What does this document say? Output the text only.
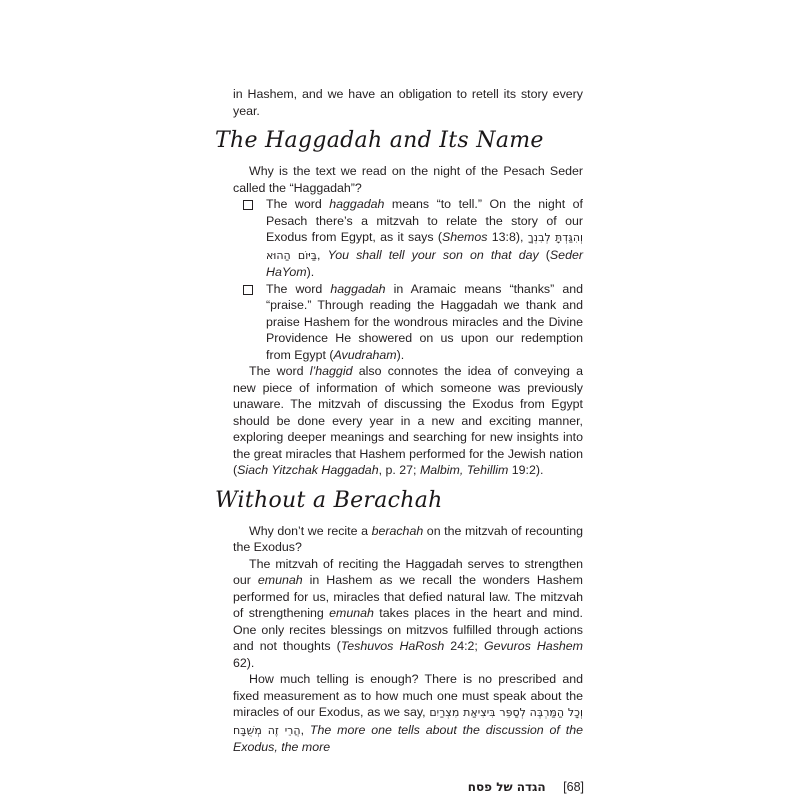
in Hashem, and we have an obligation to retell its story every year.

The Haggadah and Its Name

Why is the text we read on the night of the Pesach Seder called the “Haggadah”?

The word haggadah means “to tell.” On the night of Pesach there’s a mitzvah to relate the story of our Exodus from Egypt, as it says (Shemos 13:8), וְהִגַּדְתָּ לְבִנְךָ בַּיּוֹם הַהוּא, You shall tell your son on that day (Seder HaYom).

The word haggadah in Aramaic means “thanks” and “praise.” Through reading the Haggadah we thank and praise Hashem for the wondrous miracles and the Divine Providence He showered on us upon our redemption from Egypt (Avudraham).

The word l’haggid also connotes the idea of conveying a new piece of information of which someone was previously unaware. The mitzvah of discussing the Exodus from Egypt should be done every year in a new and exciting manner, exploring deeper meanings and searching for new insights into the great miracles that Hashem performed for the Jewish nation (Siach Yitzchak Haggadah, p. 27; Malbim, Tehillim 19:2).

Without a Berachah

Why don’t we recite a berachah on the mitzvah of recounting the Exodus?

The mitzvah of reciting the Haggadah serves to strengthen our emunah in Hashem as we recall the wonders Hashem performed for us, miracles that defied natural law. The mitzvah of strengthening emunah takes places in the heart and mind. One only recites blessings on mitzvos fulfilled through actions and not thoughts (Teshuvos HaRosh 24:2; Gevuros Hashem 62).

How much telling is enough? There is no prescribed and fixed measurement as to how much one must speak about the miracles of our Exodus, as we say, וְכָל הַמַּרְבֶּה לְסַפֵּר בִּיצִיאַת מִצְרַיִם הֲרֵי זֶה מְשֻׁבָּח, The more one tells about the discussion of the Exodus, the more

הגדה של פסח [68]
